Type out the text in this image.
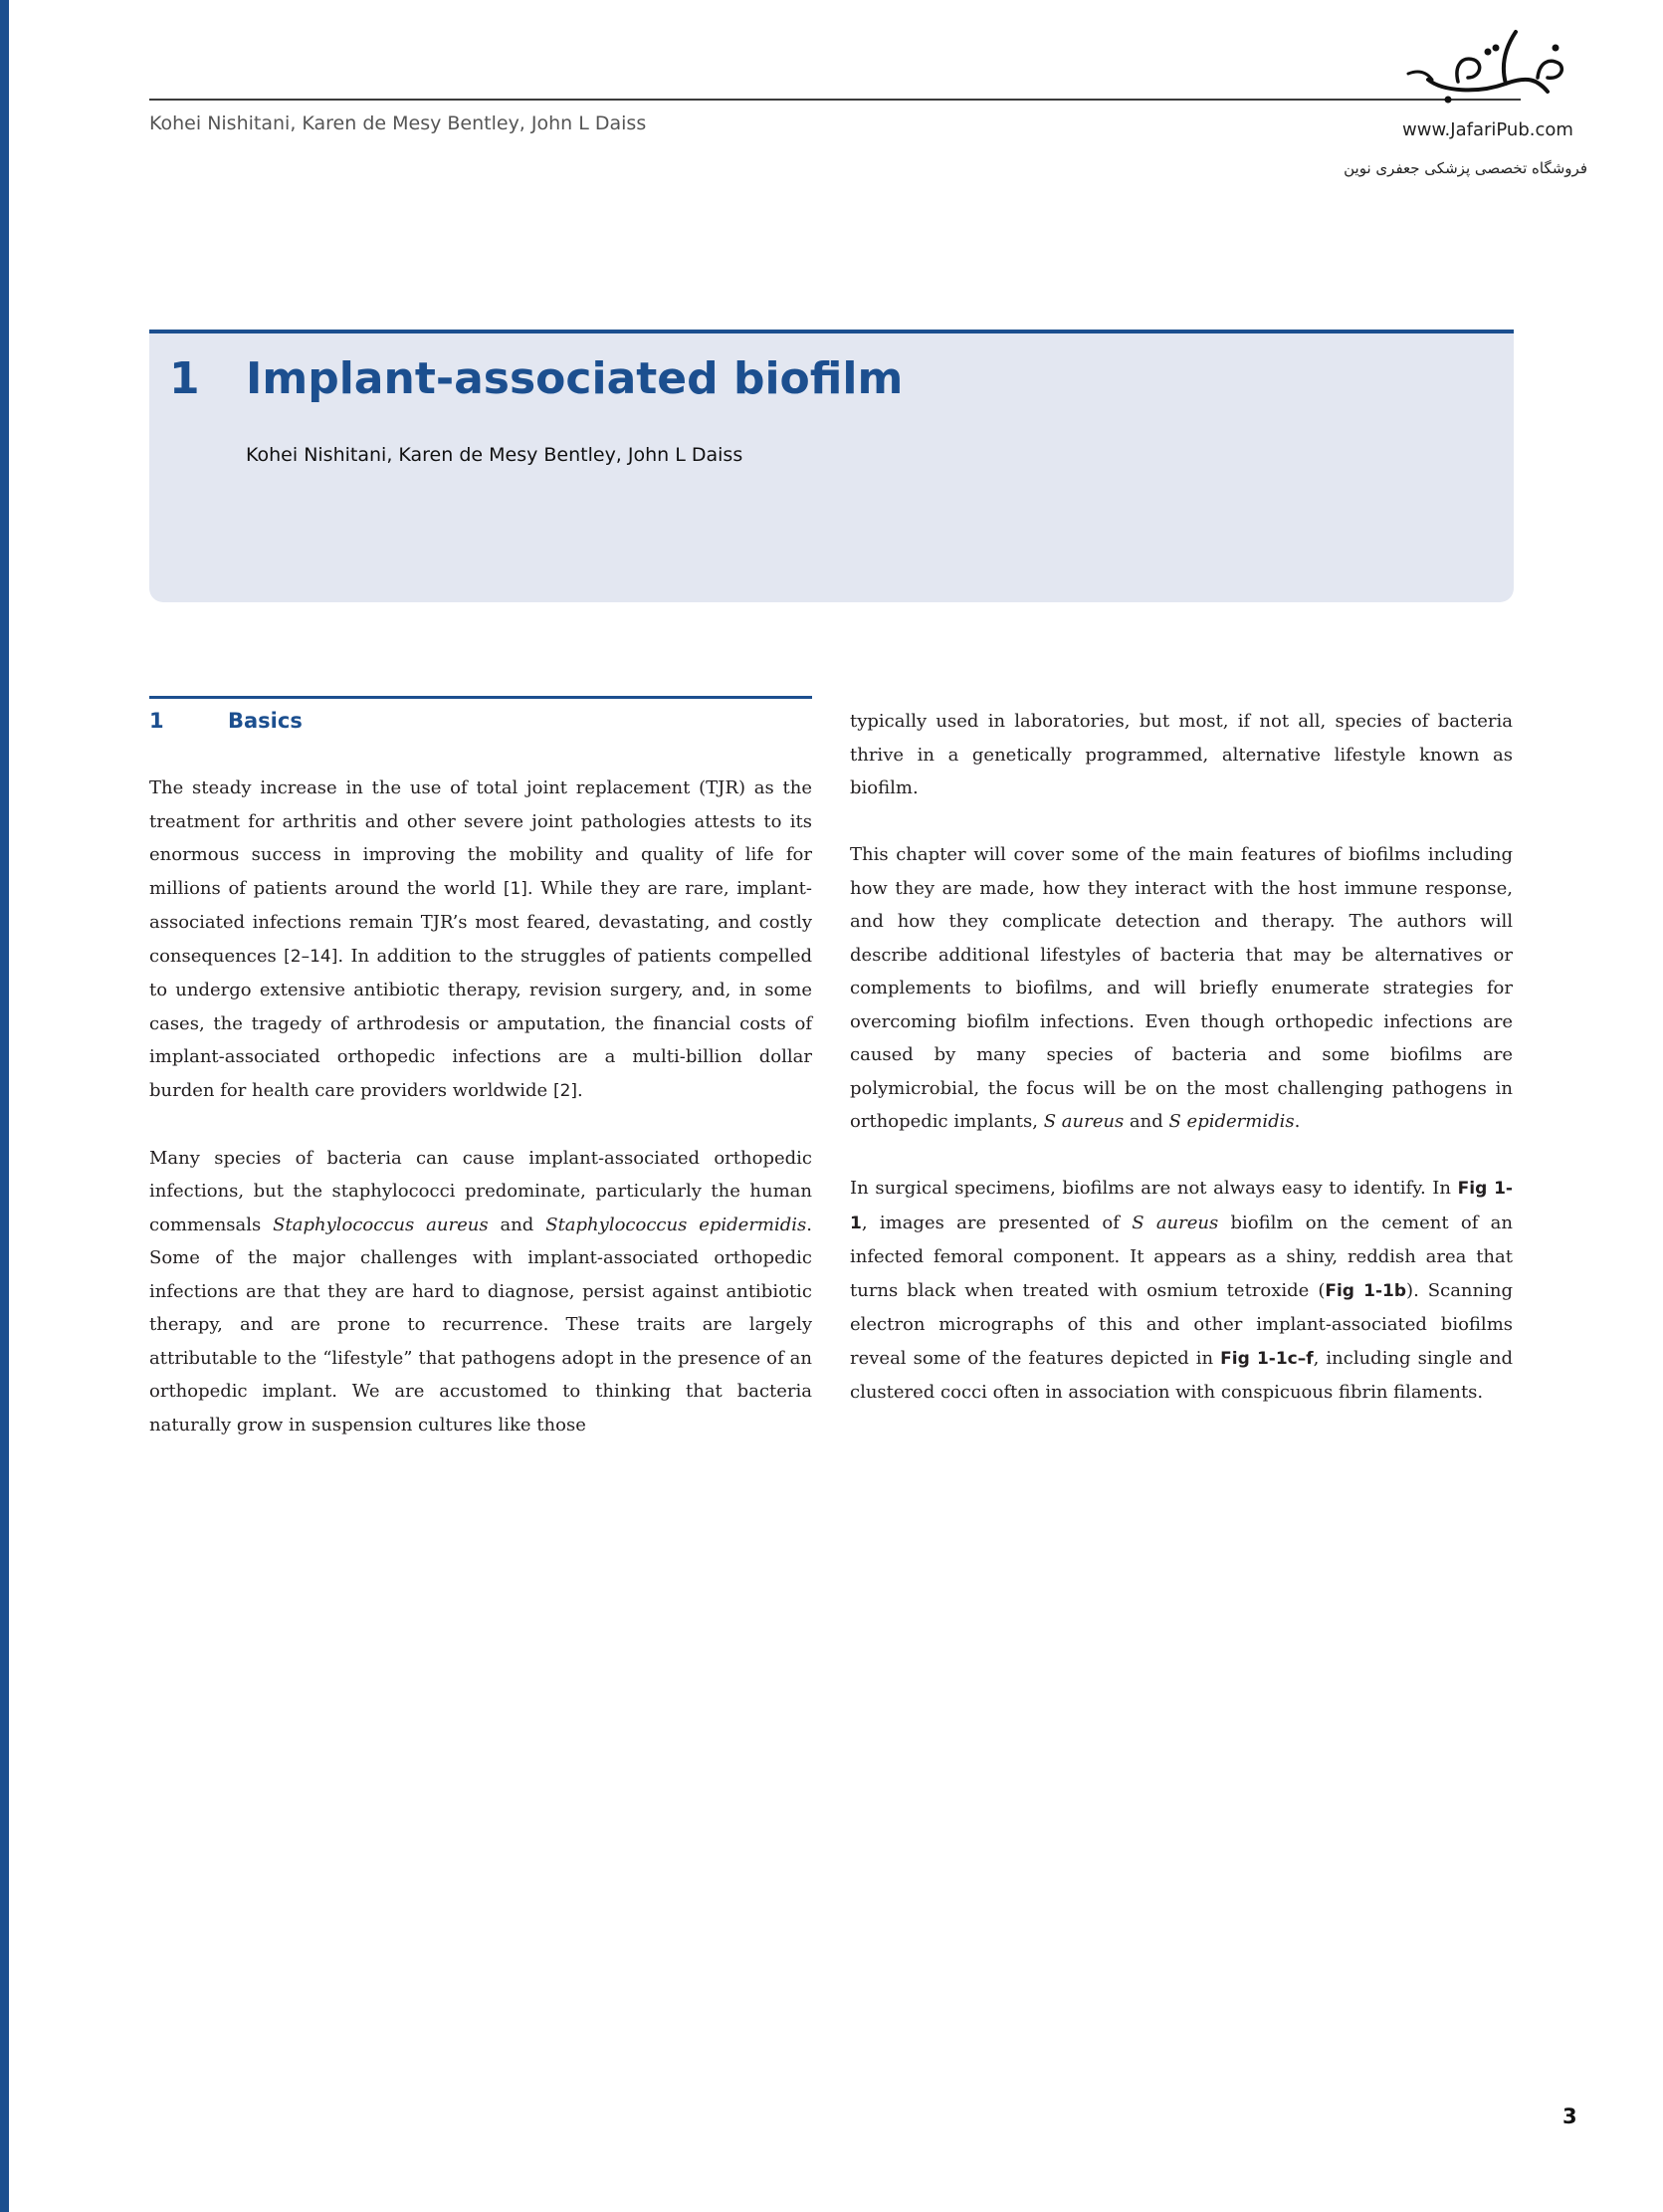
Kohei Nishitani, Karen de Mesy Bentley, John L Daiss	www.JafariPub.com
فروشگاه تخصصی پزشکی جعفری نوین
1 Implant-associated biofilm
Kohei Nishitani, Karen de Mesy Bentley, John L Daiss
1	Basics

The steady increase in the use of total joint replacement (TJR) as the treatment for arthritis and other severe joint pathologies attests to its enormous success in improving the mobility and quality of life for millions of patients around the world [1]. While they are rare, implant-associated infections remain TJR’s most feared, devastating, and costly consequences [2–14]. In addition to the struggles of patients compelled to undergo extensive antibiotic therapy, revision surgery, and, in some cases, the tragedy of arthrodesis or amputation, the financial costs of implant-associated orthopedic infections are a multi-billion dollar burden for health care providers worldwide [2].

Many species of bacteria can cause implant-associated orthopedic infections, but the staphylococci predominate, particularly the human commensals Staphylococcus aureus and Staphylococcus epidermidis. Some of the major challenges with implant-associated orthopedic infections are that they are hard to diagnose, persist against antibiotic therapy, and are prone to recurrence. These traits are largely attributable to the “lifestyle” that pathogens adopt in the presence of an orthopedic implant. We are accustomed to thinking that bacteria naturally grow in suspension cultures like those

typically used in laboratories, but most, if not all, species of bacteria thrive in a genetically programmed, alternative lifestyle known as biofilm.

This chapter will cover some of the main features of biofilms including how they are made, how they interact with the host immune response, and how they complicate detection and therapy. The authors will describe additional lifestyles of bacteria that may be alternatives or complements to biofilms, and will briefly enumerate strategies for overcoming biofilm infections. Even though orthopedic infections are caused by many species of bacteria and some biofilms are polymicrobial, the focus will be on the most challenging pathogens in orthopedic implants, S aureus and S epidermidis.

In surgical specimens, biofilms are not always easy to identify. In Fig 1-1, images are presented of S aureus biofilm on the cement of an infected femoral component. It appears as a shiny, reddish area that turns black when treated with osmium tetroxide (Fig 1-1b). Scanning electron micrographs of this and other implant-associated biofilms reveal some of the features depicted in Fig 1-1c–f, including single and clustered cocci often in association with conspicuous fibrin filaments.

3
